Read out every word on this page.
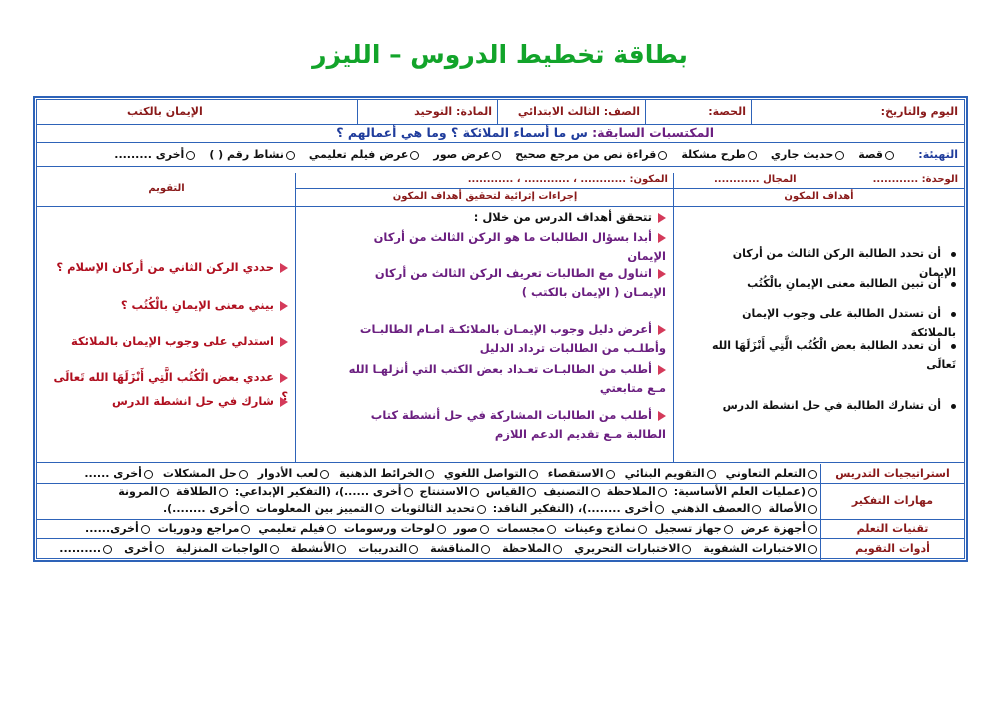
بطاقة تخطيط الدروس – الليزر
اليوم والتاريخ:
الحصة:
الصف: الثالث الابتدائي
المادة: التوحيد
الإيمان بالكتب
المكتسبات السابقة: س ما أسماء الملائكة ؟ وما هي أعمالهم ؟
التهيئة:
قصةحديث جاريطرح مشكلةقراءة نص من مرجع صحيحعرض صورعرض فيلم تعليمينشاط رقم ( )أخرى .........
الوحدة: ............
المجال ............
أهداف المكون
المكون: ............ ، ............ ، ............
إجراءات إثرائية لتحقيق أهداف المكون
التقويم
أن تحدد الطالبة الركن الثالث من أركان الإيمان
أن تبين الطالبة معنى الإيمانِ بالْكُتُب
أن تستدل الطالبة على وجوب الإيمان بالملائكة
أن تعدد الطالبة بعض الْكُتُب الَّتِي أَنْزَلَهَا الله تَعالَى
أن تشارك الطالبة في حل انشطة الدرس
تتحقق أهداف الدرس من خلال :
أبدا بسؤال الطالبات ما هو الركن الثالث من أركان الإيمان
اتناول مع الطالبات تعريف الركن الثالث من أركان الإيمـان ( الإيمان بالكتب )
أعرض دليل وجوب الإيمـان بالملائكـة امـام الطالبـات وأطلـب من الطالبات ترداد الدليل
أطلب من الطالبـات تعـداد بعض الكتب التي أنزلهـا الله مـع متابعتي
أطلب من الطالبات المشاركة في حل أنشطة كتاب الطالبة مـع تقديم الدعم اللازم
حددي الركن الثاني من أركان الإسلام ؟
بيني معنى الإيمانِ بالْكُتُب ؟
استدلي على وجوب الإيمان بالملائكة
عددي بعض الْكُتُب الَّتِي أَنْزَلَهَا الله تَعالَى ؟
شارك في حل انشطة الدرس
استراتيجيات التدريس
التعلم التعاونيالتقويم البنائيالاستقصاءالتواصل اللغويالخرائط الذهنيةلعب الأدوارحل المشكلاتأخرى ......
مهارات التفكير
(عمليات العلم الأساسية:الملاحظةالتصنيفالقياسالاستنتاجأخرى ......)، (التفكير الإبداعي:الطلاقةالمرونة
الأصالةالعصف الذهنيأخرى ........)، (التفكير الناقد:تحديد الثالثوياتالتمييز بين المعلوماتأخرى ........).
تقنيات التعلم
أجهزة عرضجهاز تسجيلنماذج وعيناتمجسماتصورلوحات ورسوماتفيلم تعليميمراجع ودورياتأخرى......
أدوات التقويم
الاختبارات الشفويةالاختبارات التحريريالملاحظةالمناقشةالتدريباتالأنشطةالواجبات المنزليةأخرى..........
